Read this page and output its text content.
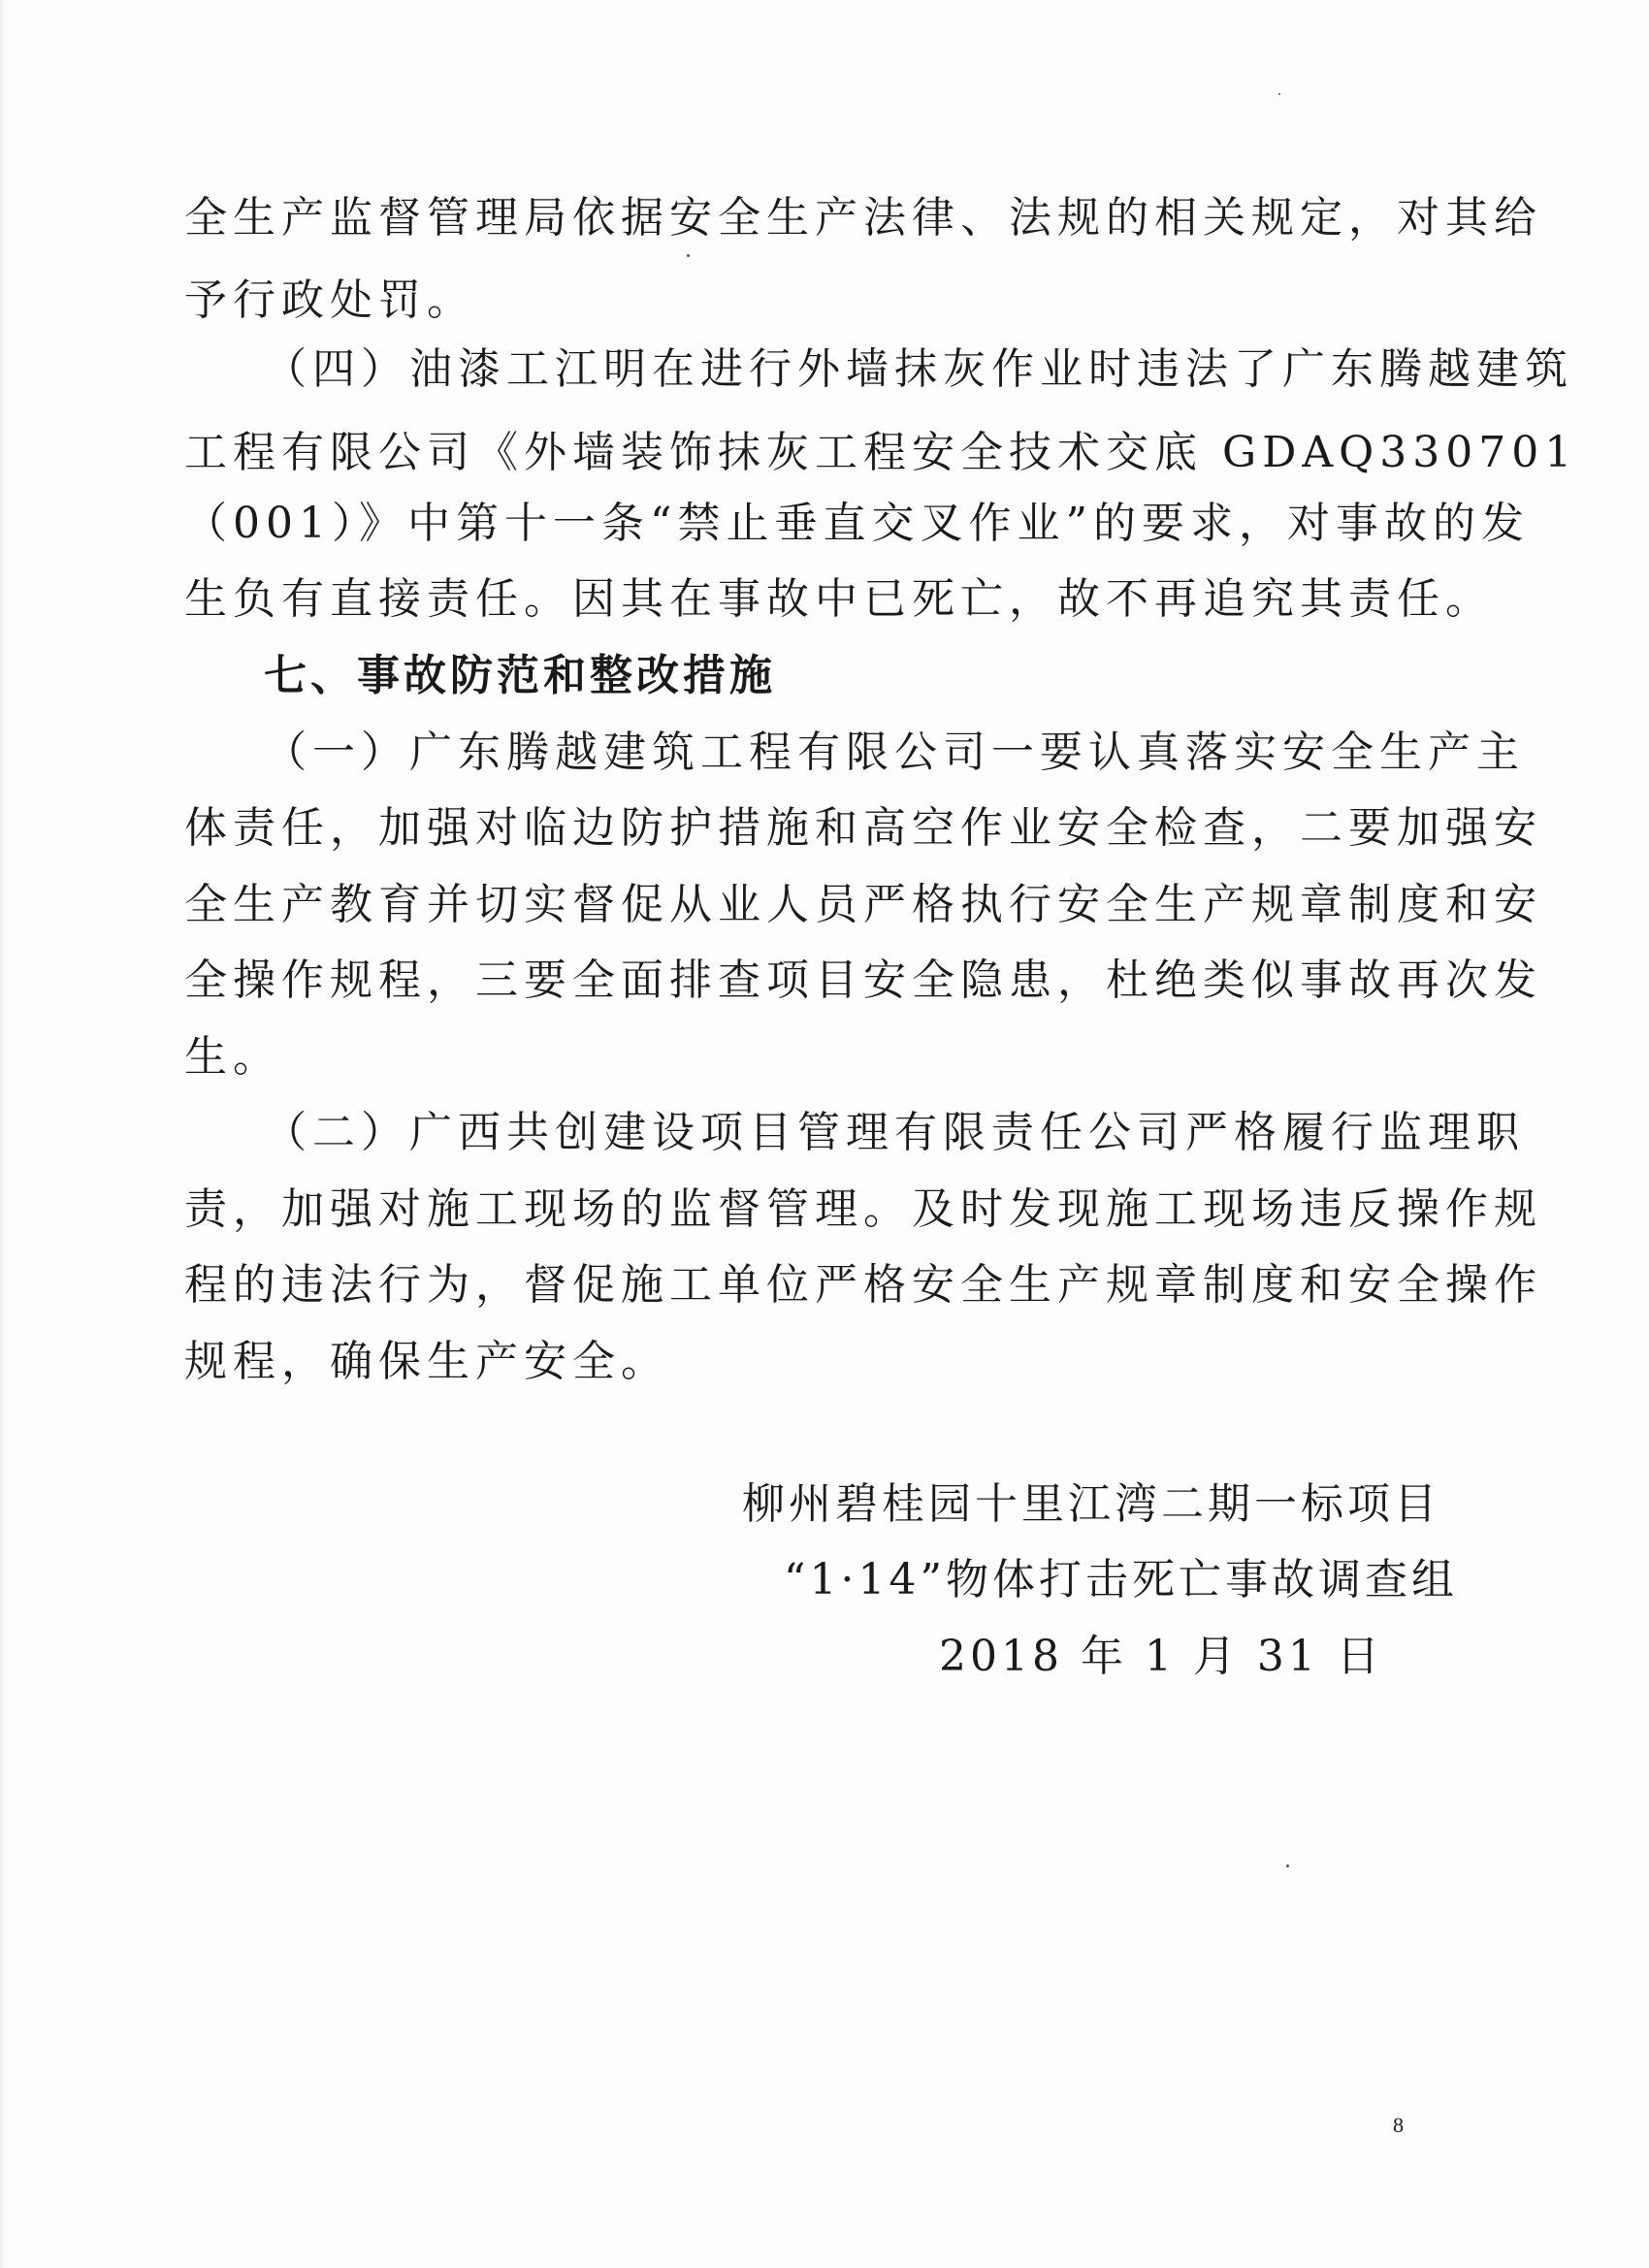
全生产监督管理局依据安全生产法律、法规的相关规定，对其给
予行政处罚。
（四）油漆工江明在进行外墙抹灰作业时违法了广东腾越建筑
工程有限公司《外墙装饰抹灰工程安全技术交底 GDAQ330701
（001）》中第十一条“禁止垂直交叉作业”的要求，对事故的发
生负有直接责任。因其在事故中已死亡，故不再追究其责任。
七、事故防范和整改措施
（一）广东腾越建筑工程有限公司一要认真落实安全生产主
体责任，加强对临边防护措施和高空作业安全检查，二要加强安
全生产教育并切实督促从业人员严格执行安全生产规章制度和安
全操作规程，三要全面排查项目安全隐患，杜绝类似事故再次发
生。
（二）广西共创建设项目管理有限责任公司严格履行监理职
责，加强对施工现场的监督管理。及时发现施工现场违反操作规
程的违法行为，督促施工单位严格安全生产规章制度和安全操作
规程，确保生产安全。
柳州碧桂园十里江湾二期一标项目
“1·14”物体打击死亡事故调查组
2018 年 1 月 31 日
8
